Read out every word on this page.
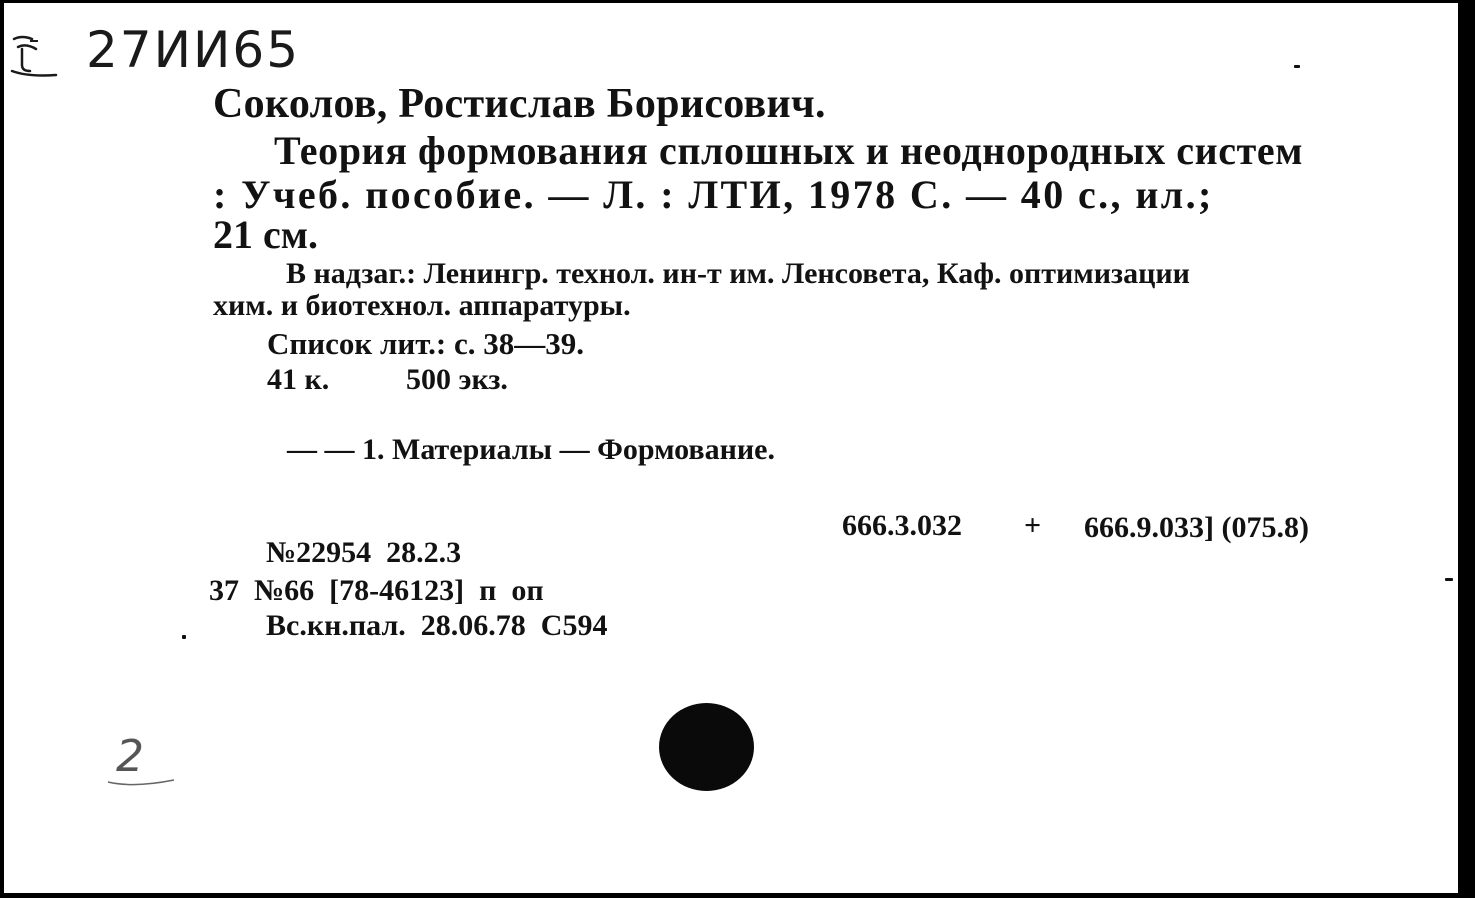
27ИИ65
Соколов, Ростислав Борисович.
Теория формования сплошных и неоднородных систем
: Учеб. пособие. — Л. : ЛТИ, 1978 С. — 40 с., ил.;
21 см.
В надзаг.: Ленингр. технол. ин-т им. Ленсовета, Каф. оптимизации
хим. и биотехнол. аппаратуры.
Список лит.: с. 38—39.
41 к.	500 экз.
— — 1. Материалы — Формование.
666.3.032 + 666.9.033] (075.8)
№22954  28.2.3
37  №66  [78-46123]  п  оп
Вс.кн.пал.  28.06.78  С594
2
